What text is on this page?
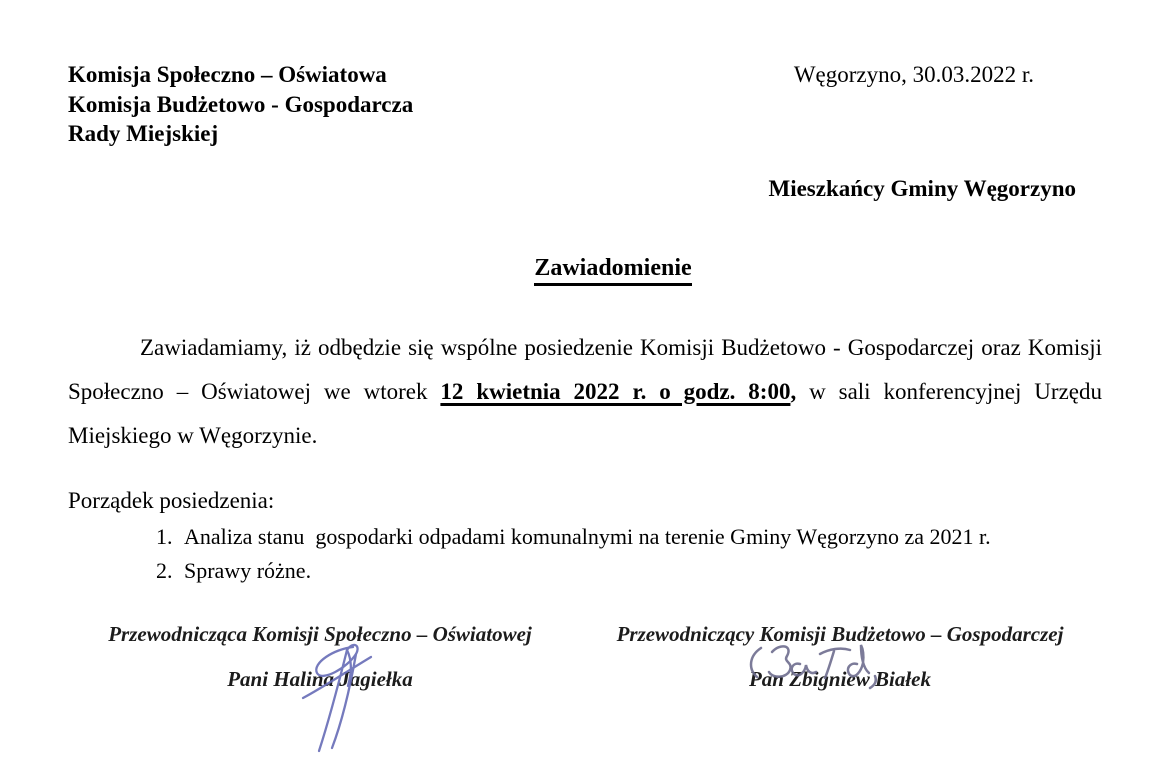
Komisja Społeczno – Oświatowa
Komisja Budżetowo - Gospodarcza
Rady Miejskiej
Węgorzyno, 30.03.2022 r.
Mieszkańcy Gminy Węgorzyno
Zawiadomienie

Zawiadamiamy, iż odbędzie się wspólne posiedzenie Komisji Budżetowo - Gospodarczej oraz Komisji Społeczno – Oświatowej we wtorek 12 kwietnia 2022 r. o godz. 8:00, w sali konferencyjnej Urzędu Miejskiego w Węgorzynie.

Porządek posiedzenia:
1. Analiza stanu  gospodarki odpadami komunalnymi na terenie Gminy Węgorzyno za 2021 r.
2. Sprawy różne.
Przewodnicząca Komisji Społeczno – Oświatowej
Pani Halina Jagiełka
Przewodniczący Komisji Budżetowo – Gospodarczej
Pan Zbigniew Białek
